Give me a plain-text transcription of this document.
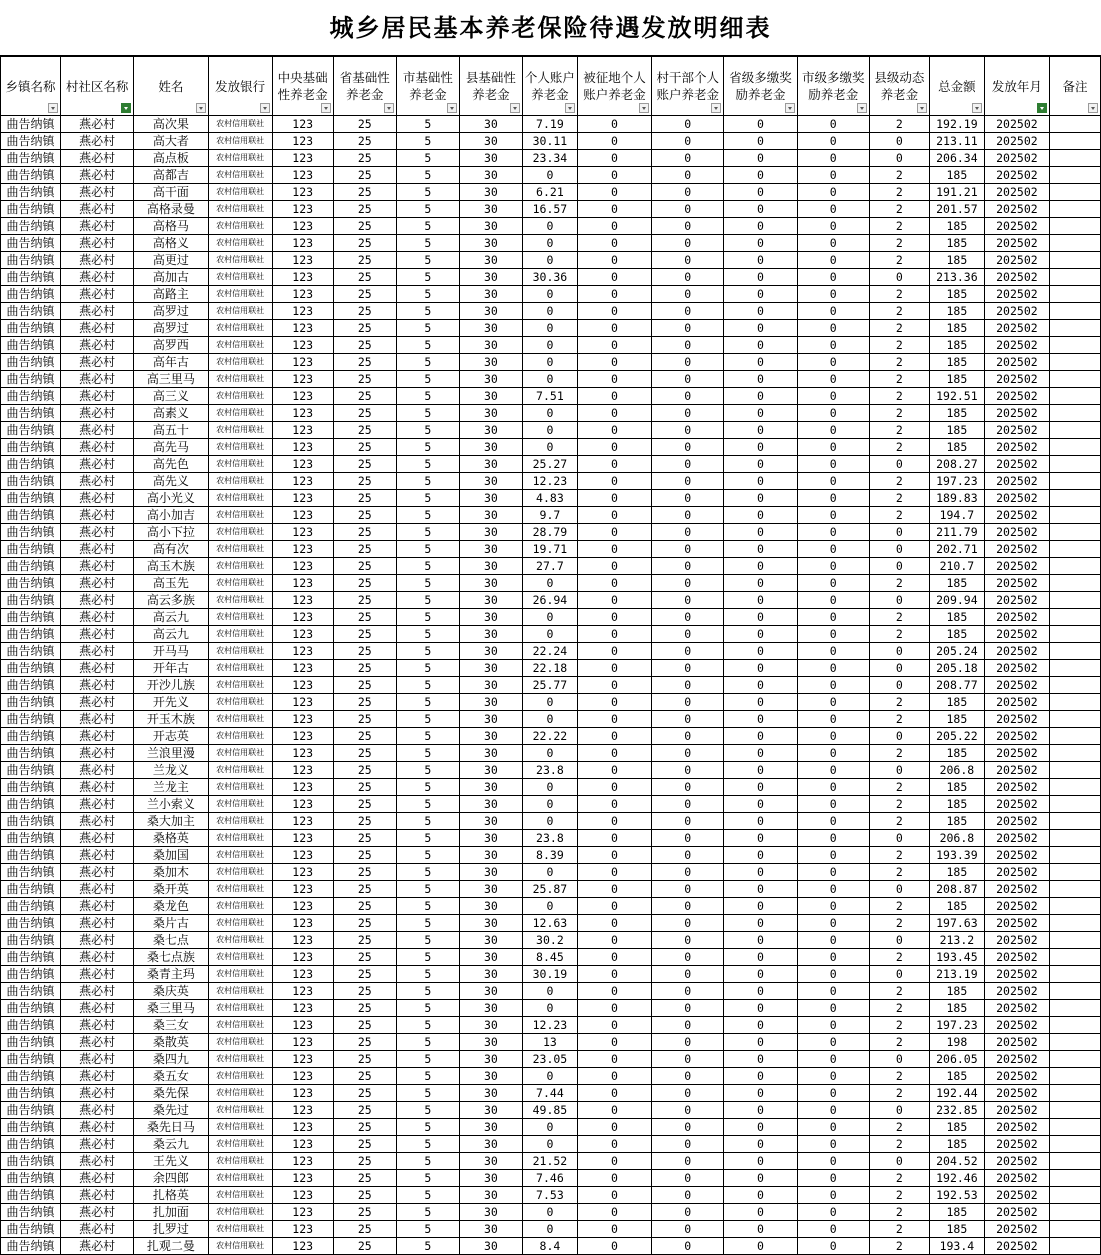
城乡居民基本养老保险待遇发放明细表
乡镇名称	村社区名称	姓名	发放银行	中央基础性养老金	省基础性养老金	市基础性养老金	县基础性养老金	个人账户养老金	被征地个人账户养老金	村干部个人账户养老金	省级多缴奖励养老金	市级多缴奖励养老金	县级动态养老金	总金额	发放年月	备注

曲告纳镇	燕必村	高次果	农村信用联社	123	25	5	30	7.19	0	0	0	0	2	192.19	202502	
曲告纳镇	燕必村	高大者	农村信用联社	123	25	5	30	30.11	0	0	0	0	0	213.11	202502	
曲告纳镇	燕必村	高点板	农村信用联社	123	25	5	30	23.34	0	0	0	0	0	206.34	202502	
曲告纳镇	燕必村	高都吉	农村信用联社	123	25	5	30	0	0	0	0	0	2	185	202502	
曲告纳镇	燕必村	高干面	农村信用联社	123	25	5	30	6.21	0	0	0	0	2	191.21	202502	
曲告纳镇	燕必村	高格录曼	农村信用联社	123	25	5	30	16.57	0	0	0	0	2	201.57	202502	
曲告纳镇	燕必村	高格马	农村信用联社	123	25	5	30	0	0	0	0	0	2	185	202502	
曲告纳镇	燕必村	高格义	农村信用联社	123	25	5	30	0	0	0	0	0	2	185	202502	
曲告纳镇	燕必村	高更过	农村信用联社	123	25	5	30	0	0	0	0	0	2	185	202502	
曲告纳镇	燕必村	高加古	农村信用联社	123	25	5	30	30.36	0	0	0	0	0	213.36	202502	
曲告纳镇	燕必村	高路主	农村信用联社	123	25	5	30	0	0	0	0	0	2	185	202502	
曲告纳镇	燕必村	高罗过	农村信用联社	123	25	5	30	0	0	0	0	0	2	185	202502	
曲告纳镇	燕必村	高罗过	农村信用联社	123	25	5	30	0	0	0	0	0	2	185	202502	
曲告纳镇	燕必村	高罗西	农村信用联社	123	25	5	30	0	0	0	0	0	2	185	202502	
曲告纳镇	燕必村	高年古	农村信用联社	123	25	5	30	0	0	0	0	0	2	185	202502	
曲告纳镇	燕必村	高三里马	农村信用联社	123	25	5	30	0	0	0	0	0	2	185	202502	
曲告纳镇	燕必村	高三义	农村信用联社	123	25	5	30	7.51	0	0	0	0	2	192.51	202502	
曲告纳镇	燕必村	高素义	农村信用联社	123	25	5	30	0	0	0	0	0	2	185	202502	
曲告纳镇	燕必村	高五十	农村信用联社	123	25	5	30	0	0	0	0	0	2	185	202502	
曲告纳镇	燕必村	高先马	农村信用联社	123	25	5	30	0	0	0	0	0	2	185	202502	
曲告纳镇	燕必村	高先色	农村信用联社	123	25	5	30	25.27	0	0	0	0	0	208.27	202502	
曲告纳镇	燕必村	高先义	农村信用联社	123	25	5	30	12.23	0	0	0	0	2	197.23	202502	
曲告纳镇	燕必村	高小光义	农村信用联社	123	25	5	30	4.83	0	0	0	0	2	189.83	202502	
曲告纳镇	燕必村	高小加吉	农村信用联社	123	25	5	30	9.7	0	0	0	0	2	194.7	202502	
曲告纳镇	燕必村	高小下拉	农村信用联社	123	25	5	30	28.79	0	0	0	0	0	211.79	202502	
曲告纳镇	燕必村	高有次	农村信用联社	123	25	5	30	19.71	0	0	0	0	0	202.71	202502	
曲告纳镇	燕必村	高玉木族	农村信用联社	123	25	5	30	27.7	0	0	0	0	0	210.7	202502	
曲告纳镇	燕必村	高玉先	农村信用联社	123	25	5	30	0	0	0	0	0	2	185	202502	
曲告纳镇	燕必村	高云多族	农村信用联社	123	25	5	30	26.94	0	0	0	0	0	209.94	202502	
曲告纳镇	燕必村	高云九	农村信用联社	123	25	5	30	0	0	0	0	0	2	185	202502	
曲告纳镇	燕必村	高云九	农村信用联社	123	25	5	30	0	0	0	0	0	2	185	202502	
曲告纳镇	燕必村	开马马	农村信用联社	123	25	5	30	22.24	0	0	0	0	0	205.24	202502	
曲告纳镇	燕必村	开年古	农村信用联社	123	25	5	30	22.18	0	0	0	0	0	205.18	202502	
曲告纳镇	燕必村	开沙儿族	农村信用联社	123	25	5	30	25.77	0	0	0	0	0	208.77	202502	
曲告纳镇	燕必村	开先义	农村信用联社	123	25	5	30	0	0	0	0	0	2	185	202502	
曲告纳镇	燕必村	开玉木族	农村信用联社	123	25	5	30	0	0	0	0	0	2	185	202502	
曲告纳镇	燕必村	开志英	农村信用联社	123	25	5	30	22.22	0	0	0	0	0	205.22	202502	
曲告纳镇	燕必村	兰浪里漫	农村信用联社	123	25	5	30	0	0	0	0	0	2	185	202502	
曲告纳镇	燕必村	兰龙义	农村信用联社	123	25	5	30	23.8	0	0	0	0	0	206.8	202502	
曲告纳镇	燕必村	兰龙主	农村信用联社	123	25	5	30	0	0	0	0	0	2	185	202502	
曲告纳镇	燕必村	兰小索义	农村信用联社	123	25	5	30	0	0	0	0	0	2	185	202502	
曲告纳镇	燕必村	桑大加主	农村信用联社	123	25	5	30	0	0	0	0	0	2	185	202502	
曲告纳镇	燕必村	桑格英	农村信用联社	123	25	5	30	23.8	0	0	0	0	0	206.8	202502	
曲告纳镇	燕必村	桑加国	农村信用联社	123	25	5	30	8.39	0	0	0	0	2	193.39	202502	
曲告纳镇	燕必村	桑加木	农村信用联社	123	25	5	30	0	0	0	0	0	2	185	202502	
曲告纳镇	燕必村	桑开英	农村信用联社	123	25	5	30	25.87	0	0	0	0	0	208.87	202502	
曲告纳镇	燕必村	桑龙色	农村信用联社	123	25	5	30	0	0	0	0	0	2	185	202502	
曲告纳镇	燕必村	桑片古	农村信用联社	123	25	5	30	12.63	0	0	0	0	2	197.63	202502	
曲告纳镇	燕必村	桑七点	农村信用联社	123	25	5	30	30.2	0	0	0	0	0	213.2	202502	
曲告纳镇	燕必村	桑七点族	农村信用联社	123	25	5	30	8.45	0	0	0	0	2	193.45	202502	
曲告纳镇	燕必村	桑青主玛	农村信用联社	123	25	5	30	30.19	0	0	0	0	0	213.19	202502	
曲告纳镇	燕必村	桑庆英	农村信用联社	123	25	5	30	0	0	0	0	0	2	185	202502	
曲告纳镇	燕必村	桑三里马	农村信用联社	123	25	5	30	0	0	0	0	0	2	185	202502	
曲告纳镇	燕必村	桑三女	农村信用联社	123	25	5	30	12.23	0	0	0	0	2	197.23	202502	
曲告纳镇	燕必村	桑散英	农村信用联社	123	25	5	30	13	0	0	0	0	2	198	202502	
曲告纳镇	燕必村	桑四九	农村信用联社	123	25	5	30	23.05	0	0	0	0	0	206.05	202502	
曲告纳镇	燕必村	桑五女	农村信用联社	123	25	5	30	0	0	0	0	0	2	185	202502	
曲告纳镇	燕必村	桑先保	农村信用联社	123	25	5	30	7.44	0	0	0	0	2	192.44	202502	
曲告纳镇	燕必村	桑先过	农村信用联社	123	25	5	30	49.85	0	0	0	0	0	232.85	202502	
曲告纳镇	燕必村	桑先日马	农村信用联社	123	25	5	30	0	0	0	0	0	2	185	202502	
曲告纳镇	燕必村	桑云九	农村信用联社	123	25	5	30	0	0	0	0	0	2	185	202502	
曲告纳镇	燕必村	王先义	农村信用联社	123	25	5	30	21.52	0	0	0	0	0	204.52	202502	
曲告纳镇	燕必村	余四郎	农村信用联社	123	25	5	30	7.46	0	0	0	0	2	192.46	202502	
曲告纳镇	燕必村	扎格英	农村信用联社	123	25	5	30	7.53	0	0	0	0	2	192.53	202502	
曲告纳镇	燕必村	扎加面	农村信用联社	123	25	5	30	0	0	0	0	0	2	185	202502	
曲告纳镇	燕必村	扎罗过	农村信用联社	123	25	5	30	0	0	0	0	0	2	185	202502	
曲告纳镇	燕必村	扎观二曼	农村信用联社	123	25	5	30	8.4	0	0	0	0	2	193.4	202502	
